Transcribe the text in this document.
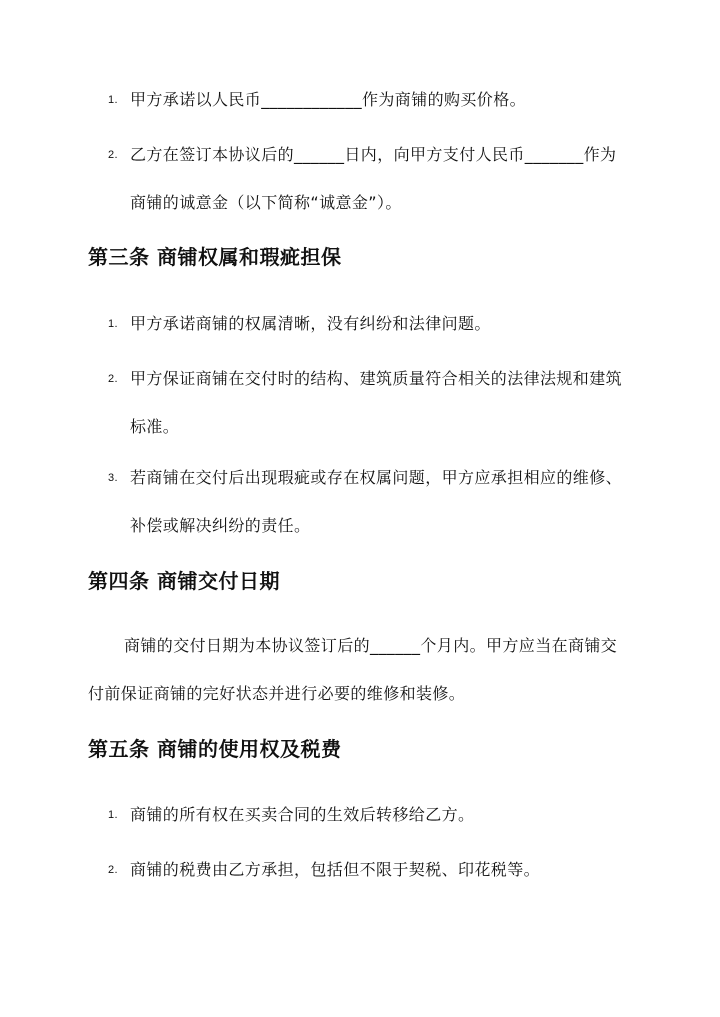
1. 甲方承诺以人民币____________作为商铺的购买价格。
2. 乙方在签订本协议后的______日内，向甲方支付人民币_______作为商铺的诚意金（以下简称“诚意金”）。
第三条 商铺权属和瑕疵担保
1. 甲方承诺商铺的权属清晰，没有纠纷和法律问题。
2. 甲方保证商铺在交付时的结构、建筑质量符合相关的法律法规和建筑标准。
3. 若商铺在交付后出现瑕疵或存在权属问题，甲方应承担相应的维修、补偿或解决纠纷的责任。
第四条 商铺交付日期
商铺的交付日期为本协议签订后的______个月内。甲方应当在商铺交付前保证商铺的完好状态并进行必要的维修和装修。
第五条 商铺的使用权及税费
1. 商铺的所有权在买卖合同的生效后转移给乙方。
2. 商铺的税费由乙方承担，包括但不限于契税、印花税等。
